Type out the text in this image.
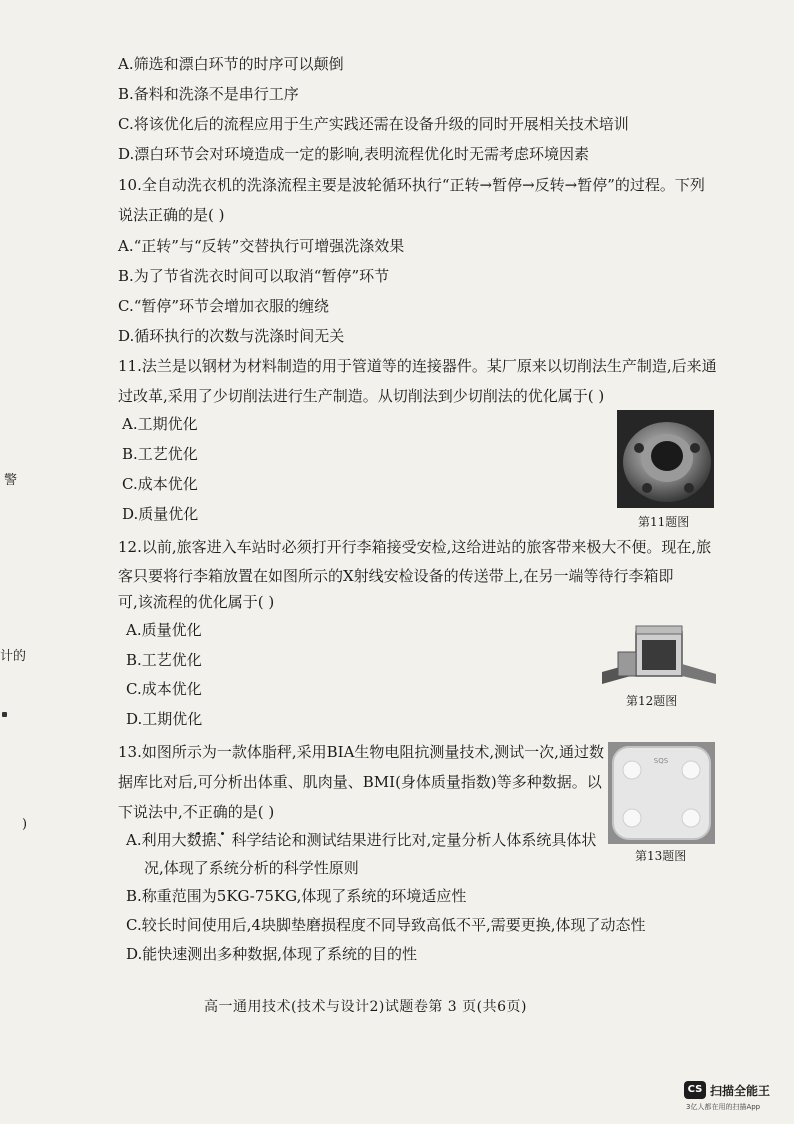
A.筛选和漂白环节的时序可以颠倒
B.备料和洗涤不是串行工序
C.将该优化后的流程应用于生产实践还需在设备升级的同时开展相关技术培训
D.漂白环节会对环境造成一定的影响,表明流程优化时无需考虑环境因素
10.全自动洗衣机的洗涤流程主要是波轮循环执行“正转→暂停→反转→暂停”的过程。下列
说法正确的是( )
A.“正转”与“反转”交替执行可增强洗涤效果
B.为了节省洗衣时间可以取消“暂停”环节
C.“暂停”环节会增加衣服的缠绕
D.循环执行的次数与洗涤时间无关
11.法兰是以钢材为材料制造的用于管道等的连接器件。某厂原来以切削法生产制造,后来通
过改革,采用了少切削法进行生产制造。从切削法到少切削法的优化属于( )
A.工期优化
B.工艺优化
C.成本优化
D.质量优化	第11题图
12.以前,旅客进入车站时必须打开行李箱接受安检,这给进站的旅客带来极大不便。现在,旅
客只要将行李箱放置在如图所示的X射线安检设备的传送带上,在另一端等待行李箱即
可,该流程的优化属于( )
A.质量优化
B.工艺优化
C.成本优化
D.工期优化
第12题图
13.如图所示为一款体脂秤,采用BIA生物电阻抗测量技术,测试一次,通过数
据库比对后,可分析出体重、肌肉量、BMI(身体质量指数)等多种数据。以
下说法中,不正确的是( )
A.利用大数据、科学结论和测试结果进行比对,定量分析人体系统具体状
况,体现了系统分析的科学性原则
B.称重范围为5KG-75KG,体现了系统的环境适应性
C.较长时间使用后,4块脚垫磨损程度不同导致高低不平,需要更换,体现了动态性
D.能快速测出多种数据,体现了系统的目的性
SQS
第13题图
警
计的
)
高一通用技术(技术与设计2)试题卷第 3 页(共6页)
CS 扫描全能王
3亿人都在用的扫描App
